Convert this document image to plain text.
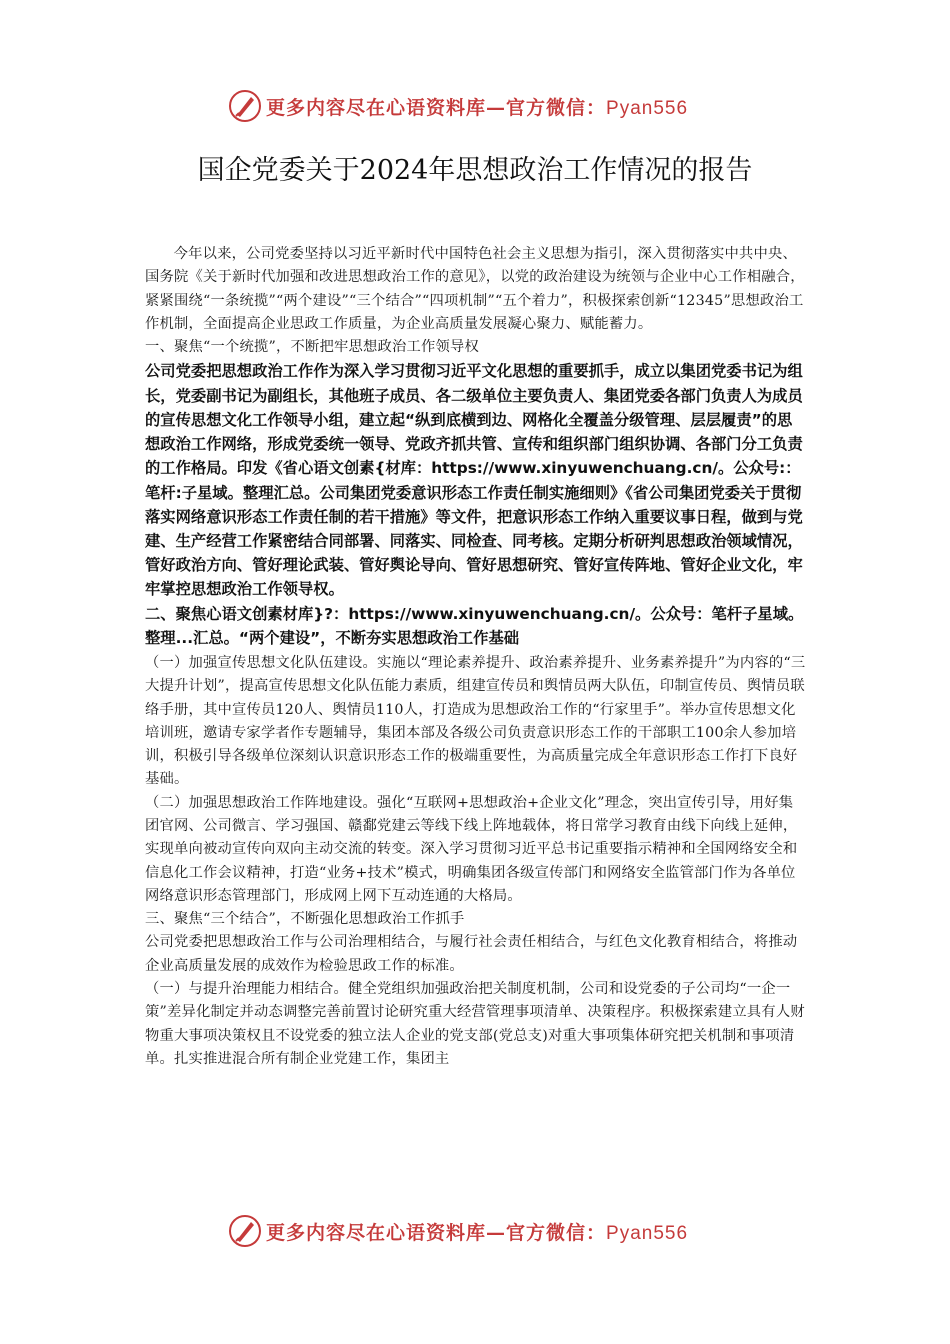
更多内容尽在心语资料库—官方微信：Pyan556
国企党委关于2024年思想政治工作情况的报告

今年以来，公司党委坚持以习近平新时代中国特色社会主义思想为指引，深入贯彻落实中共中央、国务院《关于新时代加强和改进思想政治工作的意见》，以党的政治建设为统领与企业中心工作相融合，紧紧围绕“一条统揽”“两个建设”“三个结合”“四项机制”“五个着力”，积极探索创新“12345”思想政治工作机制，全面提高企业思政工作质量，为企业高质量发展凝心聚力、赋能蓄力。

一、聚焦“一个统揽”，不断把牢思想政治工作领导权

公司党委把思想政治工作作为深入学习贯彻习近平文化思想的重要抓手，成立以集团党委书记为组长，党委副书记为副组长，其他班子成员、各二级单位主要负责人、集团党委各部门负责人为成员的宣传思想文化工作领导小组，建立起“纵到底横到边、网格化全覆盖分级管理、层层履责”的思想政治工作网络，形成党委统一领导、党政齐抓共管、宣传和组织部门组织协调、各部门分工负责的工作格局。印发《省心语文创素{材库：https://www.xinyuwenchuang.cn/。公众号:：笔杆:子星域。整理汇总。公司集团党委意识形态工作责任制实施细则》《省公司集团党委关于贯彻落实网络意识形态工作责任制的若干措施》等文件，把意识形态工作纳入重要议事日程，做到与党建、生产经营工作紧密结合同部署、同落实、同检查、同考核。定期分析研判思想政治领域情况，管好政治方向、管好理论武装、管好舆论导向、管好思想研究、管好宣传阵地、管好企业文化，牢牢掌控思想政治工作领导权。

二、聚焦心语文创素材库}?：https://www.xinyuwenchuang.cn/。公众号：笔杆子星域。整理...汇总。“两个建设”，不断夯实思想政治工作基础

（一）加强宣传思想文化队伍建设。实施以“理论素养提升、政治素养提升、业务素养提升”为内容的“三大提升计划”，提高宣传思想文化队伍能力素质，组建宣传员和舆情员两大队伍，印制宣传员、舆情员联络手册，其中宣传员120人、舆情员110人，打造成为思想政治工作的“行家里手”。举办宣传思想文化培训班，邀请专家学者作专题辅导，集团本部及各级公司负责意识形态工作的干部职工100余人参加培训，积极引导各级单位深刻认识意识形态工作的极端重要性，为高质量完成全年意识形态工作打下良好基础。

（二）加强思想政治工作阵地建设。强化“互联网+思想政治+企业文化”理念，突出宣传引导，用好集团官网、公司微言、学习强国、赣鄱党建云等线下线上阵地载体，将日常学习教育由线下向线上延伸，实现单向被动宣传向双向主动交流的转变。深入学习贯彻习近平总书记重要指示精神和全国网络安全和信息化工作会议精神，打造“业务+技术”模式，明确集团各级宣传部门和网络安全监管部门作为各单位网络意识形态管理部门，形成网上网下互动连通的大格局。

三、聚焦“三个结合”，不断强化思想政治工作抓手

公司党委把思想政治工作与公司治理相结合，与履行社会责任相结合，与红色文化教育相结合，将推动企业高质量发展的成效作为检验思政工作的标准。

（一）与提升治理能力相结合。健全党组织加强政治把关制度机制，公司和设党委的子公司均“一企一策”差异化制定并动态调整完善前置讨论研究重大经营管理事项清单、决策程序。积极探索建立具有人财物重大事项决策权且不设党委的独立法人企业的党支部(党总支)对重大事项集体研究把关机制和事项清单。扎实推进混合所有制企业党建工作，集团主

更多内容尽在心语资料库—官方微信：Pyan556
